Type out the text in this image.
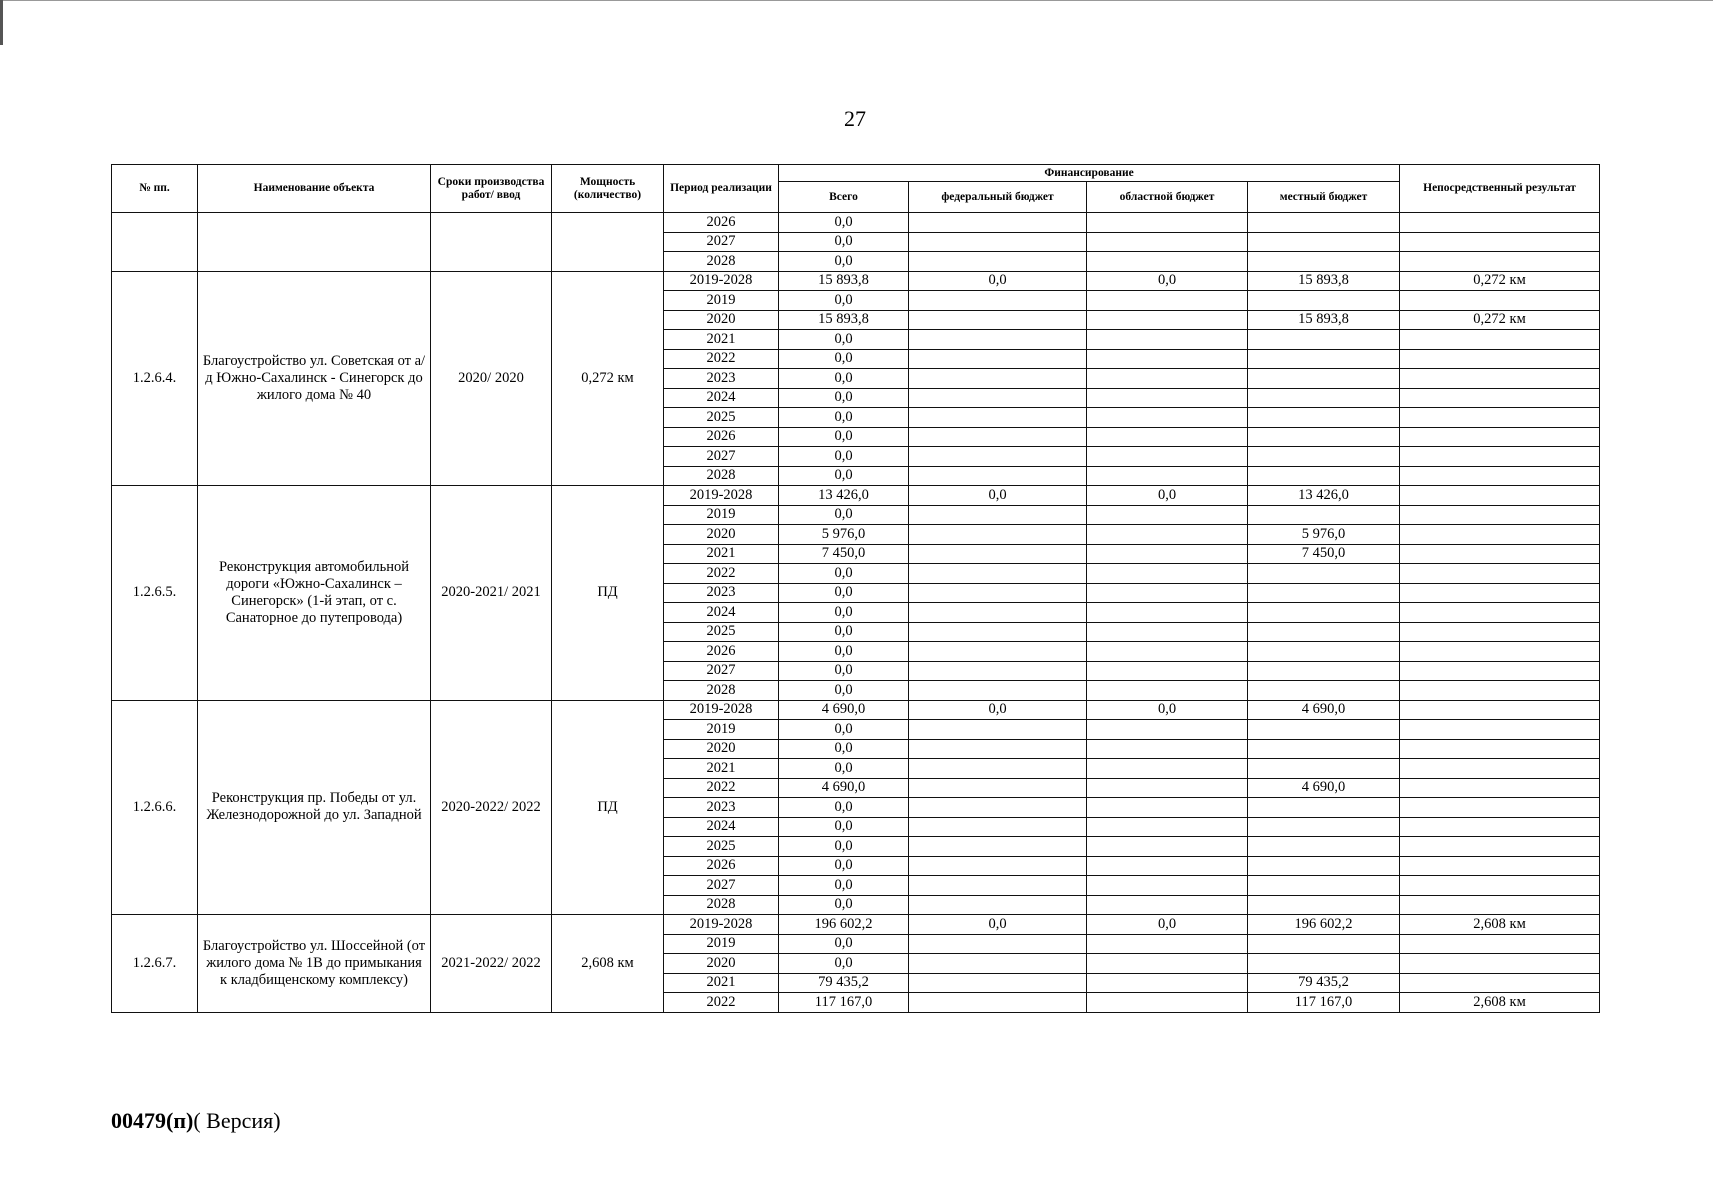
27
№ пп.	Наименование объекта	Сроки производства работ/ ввод	Мощность (количество)	Период реализации	Финансирование				Непосредственный результат
					Всего	федеральный бюджет	областной бюджет	местный бюджет	
				2026	0,0				
				2027	0,0				
				2028	0,0				
1.2.6.4.	Благоустройство ул. Советская от а/д Южно-Сахалинск - Синегорск до жилого дома № 40	2020/ 2020	0,272 км	2019-2028	15 893,8	0,0	0,0	15 893,8	0,272 км
				2019	0,0				
				2020	15 893,8			15 893,8	0,272 км
				2021	0,0				
				2022	0,0				
				2023	0,0				
				2024	0,0				
				2025	0,0				
				2026	0,0				
				2027	0,0				
				2028	0,0				
1.2.6.5.	Реконструкция автомобильной дороги «Южно-Сахалинск – Синегорск» (1-й этап, от с. Санаторное до путепровода)	2020-2021/ 2021	ПД	2019-2028	13 426,0	0,0	0,0	13 426,0	
				2019	0,0				
				2020	5 976,0			5 976,0	
				2021	7 450,0			7 450,0	
				2022	0,0				
				2023	0,0				
				2024	0,0				
				2025	0,0				
				2026	0,0				
				2027	0,0				
				2028	0,0				
1.2.6.6.	Реконструкция пр. Победы от ул. Железнодорожной до ул. Западной	2020-2022/ 2022	ПД	2019-2028	4 690,0	0,0	0,0	4 690,0	
				2019	0,0				
				2020	0,0				
				2021	0,0				
				2022	4 690,0			4 690,0	
				2023	0,0				
				2024	0,0				
				2025	0,0				
				2026	0,0				
				2027	0,0				
				2028	0,0				
1.2.6.7.	Благоустройство ул. Шоссейной (от жилого дома № 1В до примыкания к кладбищенскому комплексу)	2021-2022/ 2022	2,608 км	2019-2028	196 602,2	0,0	0,0	196 602,2	2,608 км
				2019	0,0				
				2020	0,0				
				2021	79 435,2			79 435,2	
				2022	117 167,0			117 167,0	2,608 км
00479(п)( Версия)
